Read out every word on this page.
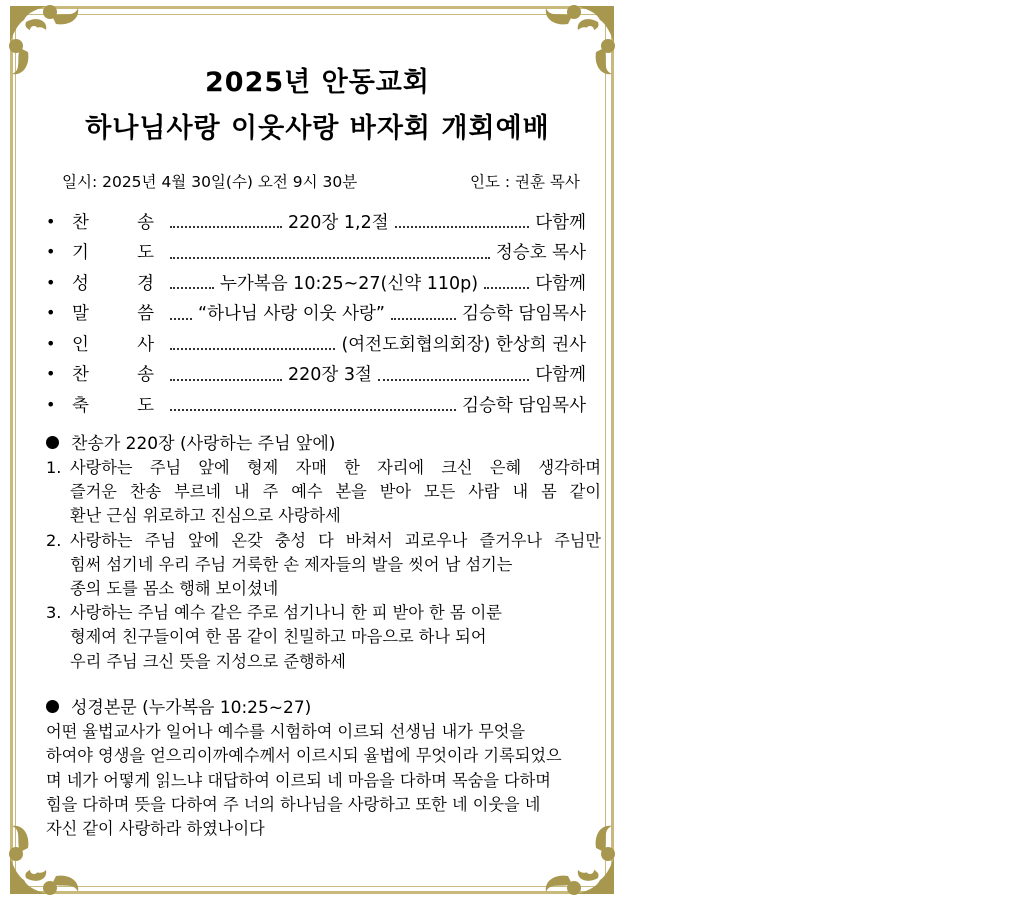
2025년 안동교회
하나님사랑 이웃사랑 바자회 개회예배
일시: 2025년 4월 30일(수) 오전 9시 30분	인도 : 권훈 목사
• 찬	송	220장 1,2절	다함께
• 기	도	정승호 목사
• 성	경	누가복음 10:25~27(신약 110p)	다함께
• 말	씀	“하나님 사랑 이웃 사랑”	김승학 담임목사
• 인	사	(여전도회협의회장) 한상희 권사
• 찬	송	220장 3절	다함께
• 축	도	김승학 담임목사
찬송가 220장 (사랑하는 주님 앞에)
1. 사랑하는 주님 앞에 형제 자매 한 자리에 크신 은혜 생각하며
즐거운 찬송 부르네 내 주 예수 본을 받아 모든 사람 내 몸 같이
환난 근심 위로하고 진심으로 사랑하세
2. 사랑하는 주님 앞에 온갖 충성 다 바쳐서 괴로우나 즐거우나 주님만
힘써 섬기네 우리 주님 거룩한 손 제자들의 발을 씻어 남 섬기는
종의 도를 몸소 행해 보이셨네
3. 사랑하는 주님 예수 같은 주로 섬기나니 한 피 받아 한 몸 이룬
형제여 친구들이여 한 몸 같이 친밀하고 마음으로 하나 되어
우리 주님 크신 뜻을 지성으로 준행하세
성경본문 (누가복음 10:25~27)
어떤 율법교사가 일어나 예수를 시험하여 이르되 선생님 내가 무엇을
하여야 영생을 얻으리이까예수께서 이르시되 율법에 무엇이라 기록되었으
며 네가 어떻게 읽느냐 대답하여 이르되 네 마음을 다하며 목숨을 다하며
힘을 다하며 뜻을 다하여 주 너의 하나님을 사랑하고 또한 네 이웃을 네
자신 같이 사랑하라 하였나이다
